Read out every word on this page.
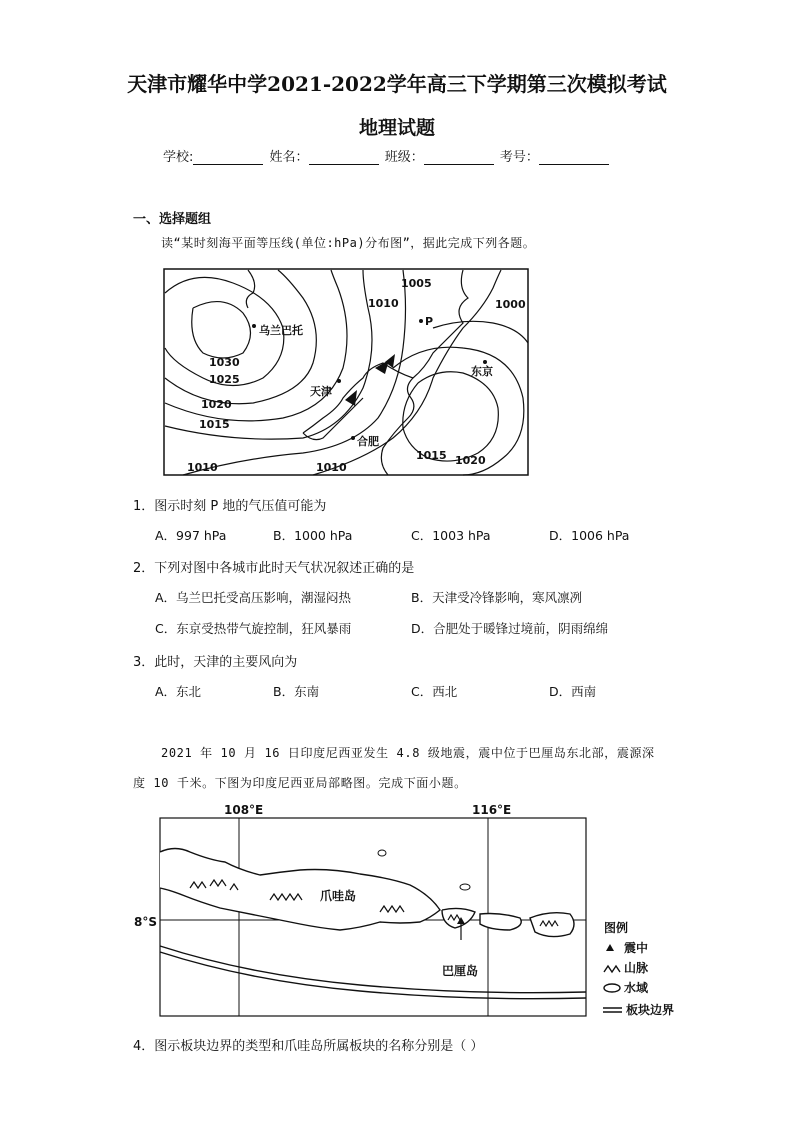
天津市耀华中学2021-2022学年高三下学期第三次模拟考试
地理试题
学校:	姓名：	班级：	考号：
一、选择题组
读“某时刻海平面等压线(单位:hPa)分布图”，据此完成下列各题。
1005
1010	1000
乌兰巴托
P
1030
1025
东京
天津
1020
1015
合肥
1015 1020
1010	1010
1．图示时刻 P 地的气压值可能为
A．997 hPa	B．1000 hPa	C．1003 hPa	D．1006 hPa
2．下列对图中各城市此时天气状况叙述正确的是
A．乌兰巴托受高压影响，潮湿闷热	B．天津受冷锋影响，寒风凛冽
C．东京受热带气旋控制，狂风暴雨	D．合肥处于暖锋过境前，阴雨绵绵
3．此时，天津的主要风向为
A．东北	B．东南	C．西北	D．西南
2021 年 10 月 16 日印度尼西亚发生 4.8 级地震，震中位于巴厘岛东北部，震源深
度 10 千米。下图为印度尼西亚局部略图。完成下面小题。
108°E	116°E
8°S
爪哇岛
巴厘岛
图例
震中
山脉
水域
板块边界
4．图示板块边界的类型和爪哇岛所属板块的名称分别是（ ）
